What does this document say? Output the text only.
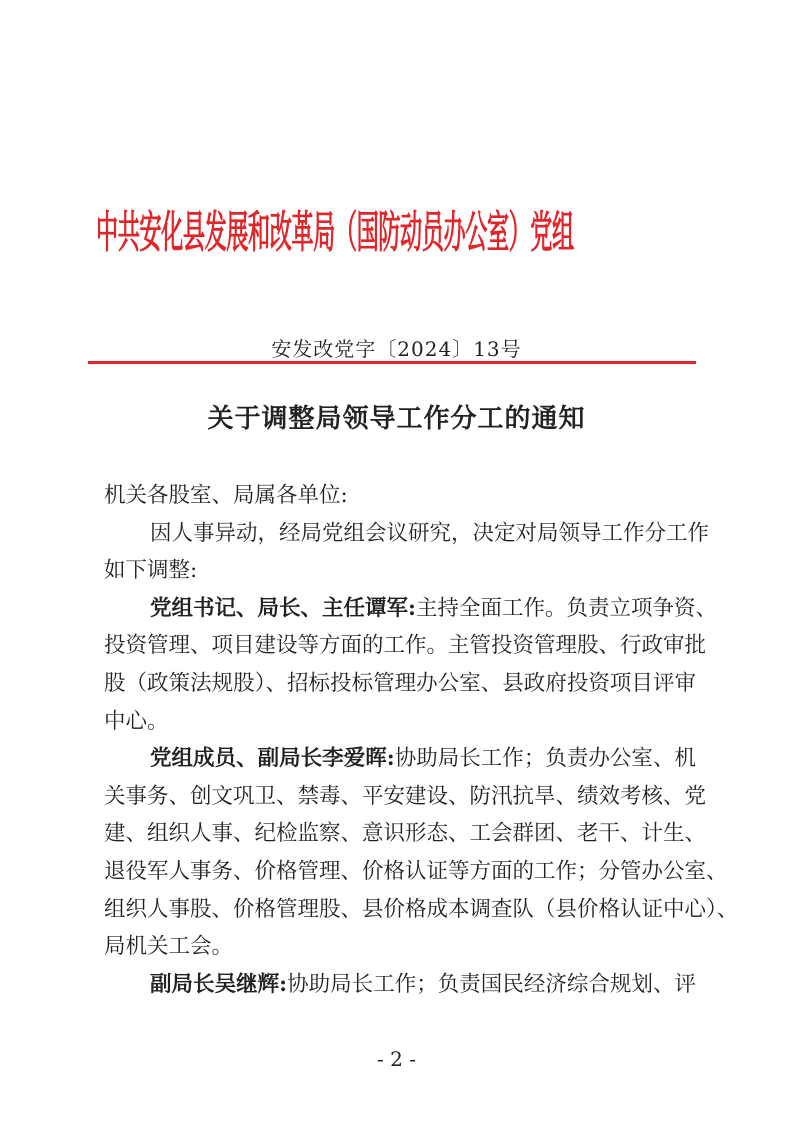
中共安化县发展和改革局（国防动员办公室）党组
安发改党字〔2024〕13号
关于调整局领导工作分工的通知
机关各股室、局属各单位:
因人事异动，经局党组会议研究，决定对局领导工作分工作
如下调整:
党组书记、局长、主任谭军:主持全面工作。负责立项争资、
投资管理、项目建设等方面的工作。主管投资管理股、行政审批
股（政策法规股）、招标投标管理办公室、县政府投资项目评审
中心。
党组成员、副局长李爱晖:协助局长工作；负责办公室、机
关事务、创文巩卫、禁毒、平安建设、防汛抗旱、绩效考核、党
建、组织人事、纪检监察、意识形态、工会群团、老干、计生、
退役军人事务、价格管理、价格认证等方面的工作；分管办公室、
组织人事股、价格管理股、县价格成本调查队（县价格认证中心）、
局机关工会。
副局长吴继辉:协助局长工作；负责国民经济综合规划、评
- 2 -
